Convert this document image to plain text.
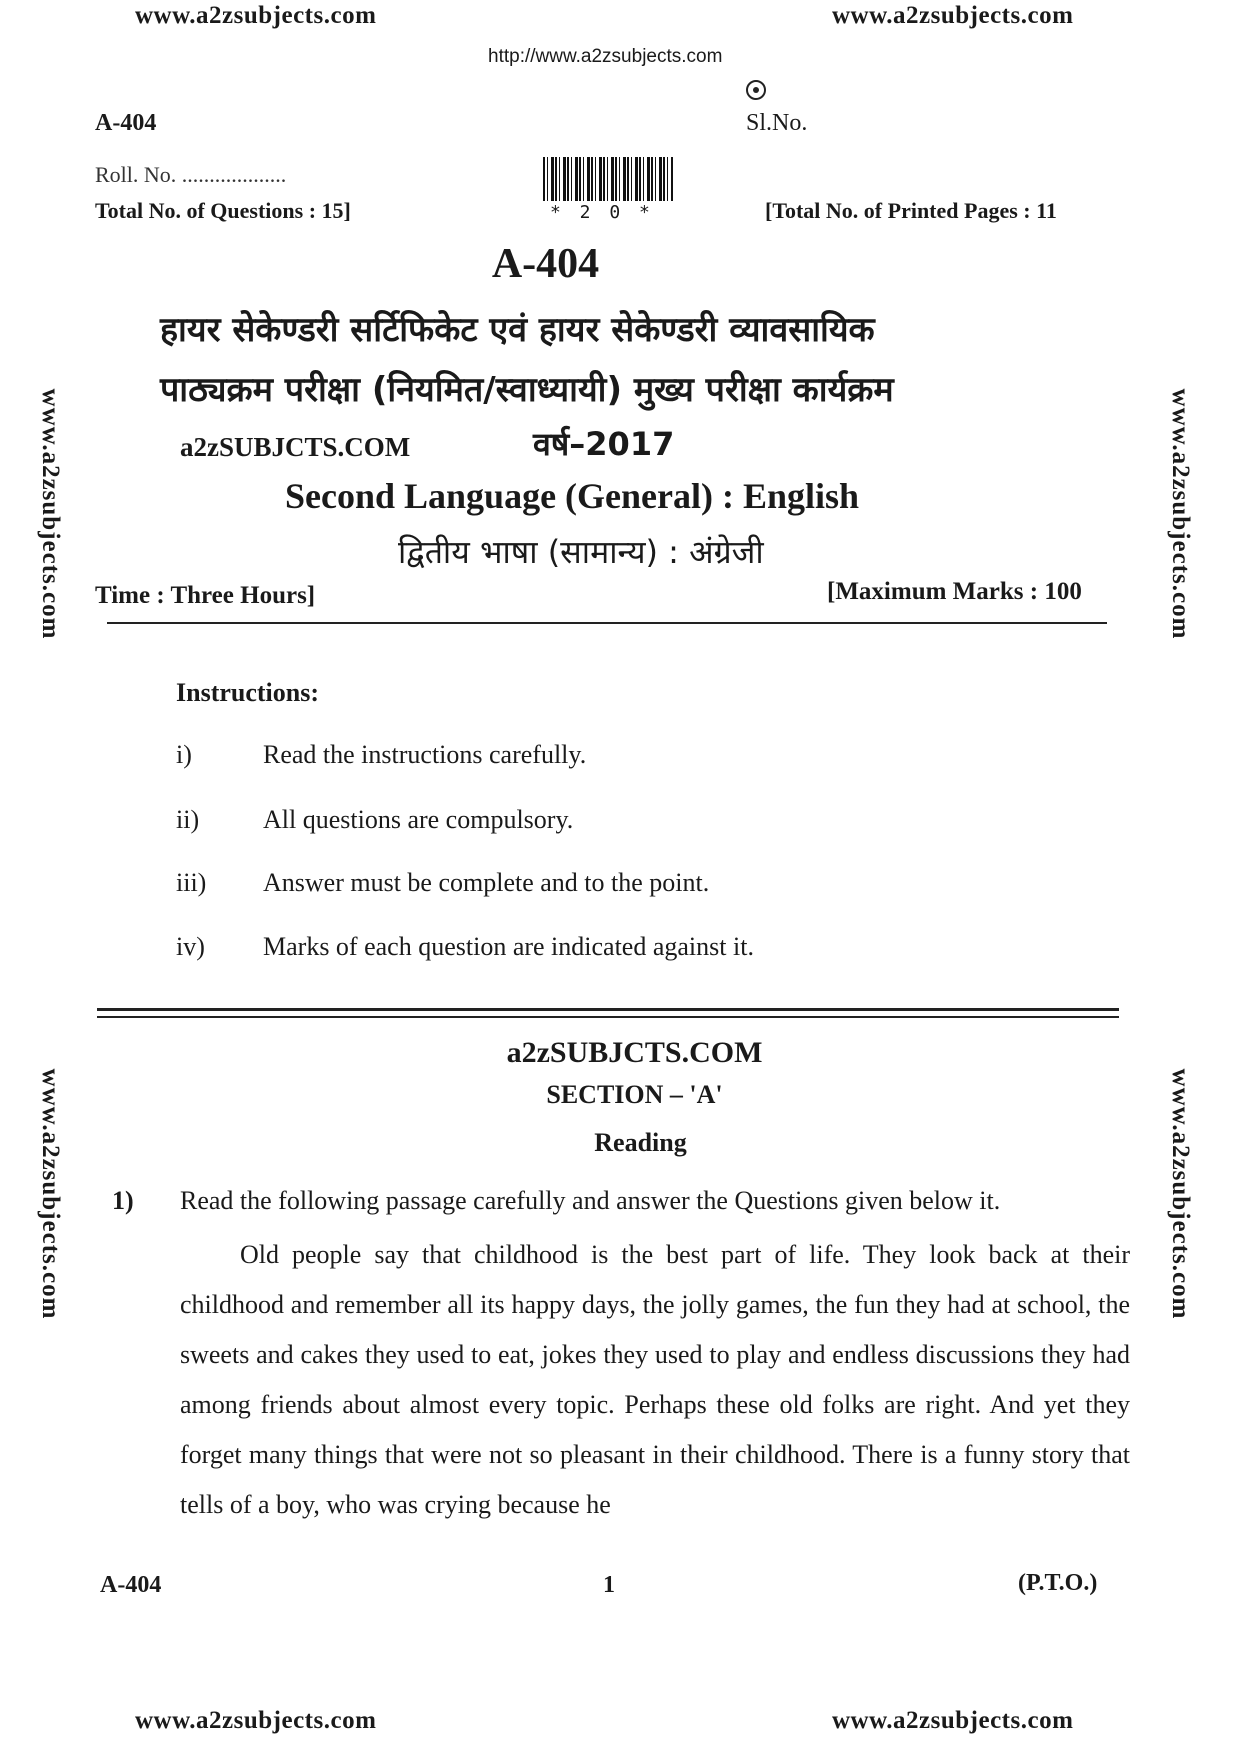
www.a2zsubjects.com	www.a2zsubjects.com
http://www.a2zsubjects.com
www.a2zsubjects.com	www.a2zsubjects.com
www.a2zsubjects.com	www.a2zsubjects.com
www.a2zsubjects.com	www.a2zsubjects.com
A-404	Sl.No.
Roll. No. ...................
* 2 0 *
Total No. of Questions : 15]	[Total No. of Printed Pages : 11
A-404
हायर सेकेण्डरी सर्टिफिकेट एवं हायर सेकेण्डरी व्यावसायिक
पाठ्यक्रम परीक्षा (नियमित/स्वाध्यायी) मुख्य परीक्षा कार्यक्रम
a2zSUBJCTS.COM	वर्ष–2017
Second Language (General) : English
द्वितीय भाषा (सामान्य) : अंग्रेजी
Time : Three Hours]	[Maximum Marks : 100
Instructions:
i)	Read the instructions carefully.
ii) All questions are compulsory.
iii) Answer must be complete and to the point.
iv) Marks of each question are indicated against it.
a2zSUBJCTS.COM
SECTION – 'A'
Reading
1) Read the following passage carefully and answer the Questions given below it.
Old people say that childhood is the best part of life. They look back at their childhood and remember all its happy days, the jolly games, the fun they had at school, the sweets and cakes they used to eat, jokes they used to play and endless discussions they had among friends about almost every topic. Perhaps these old folks are right. And yet they forget many things that were not so pleasant in their childhood. There is a funny story that tells of a boy, who was crying because he
A-404	1	(P.T.O.)
